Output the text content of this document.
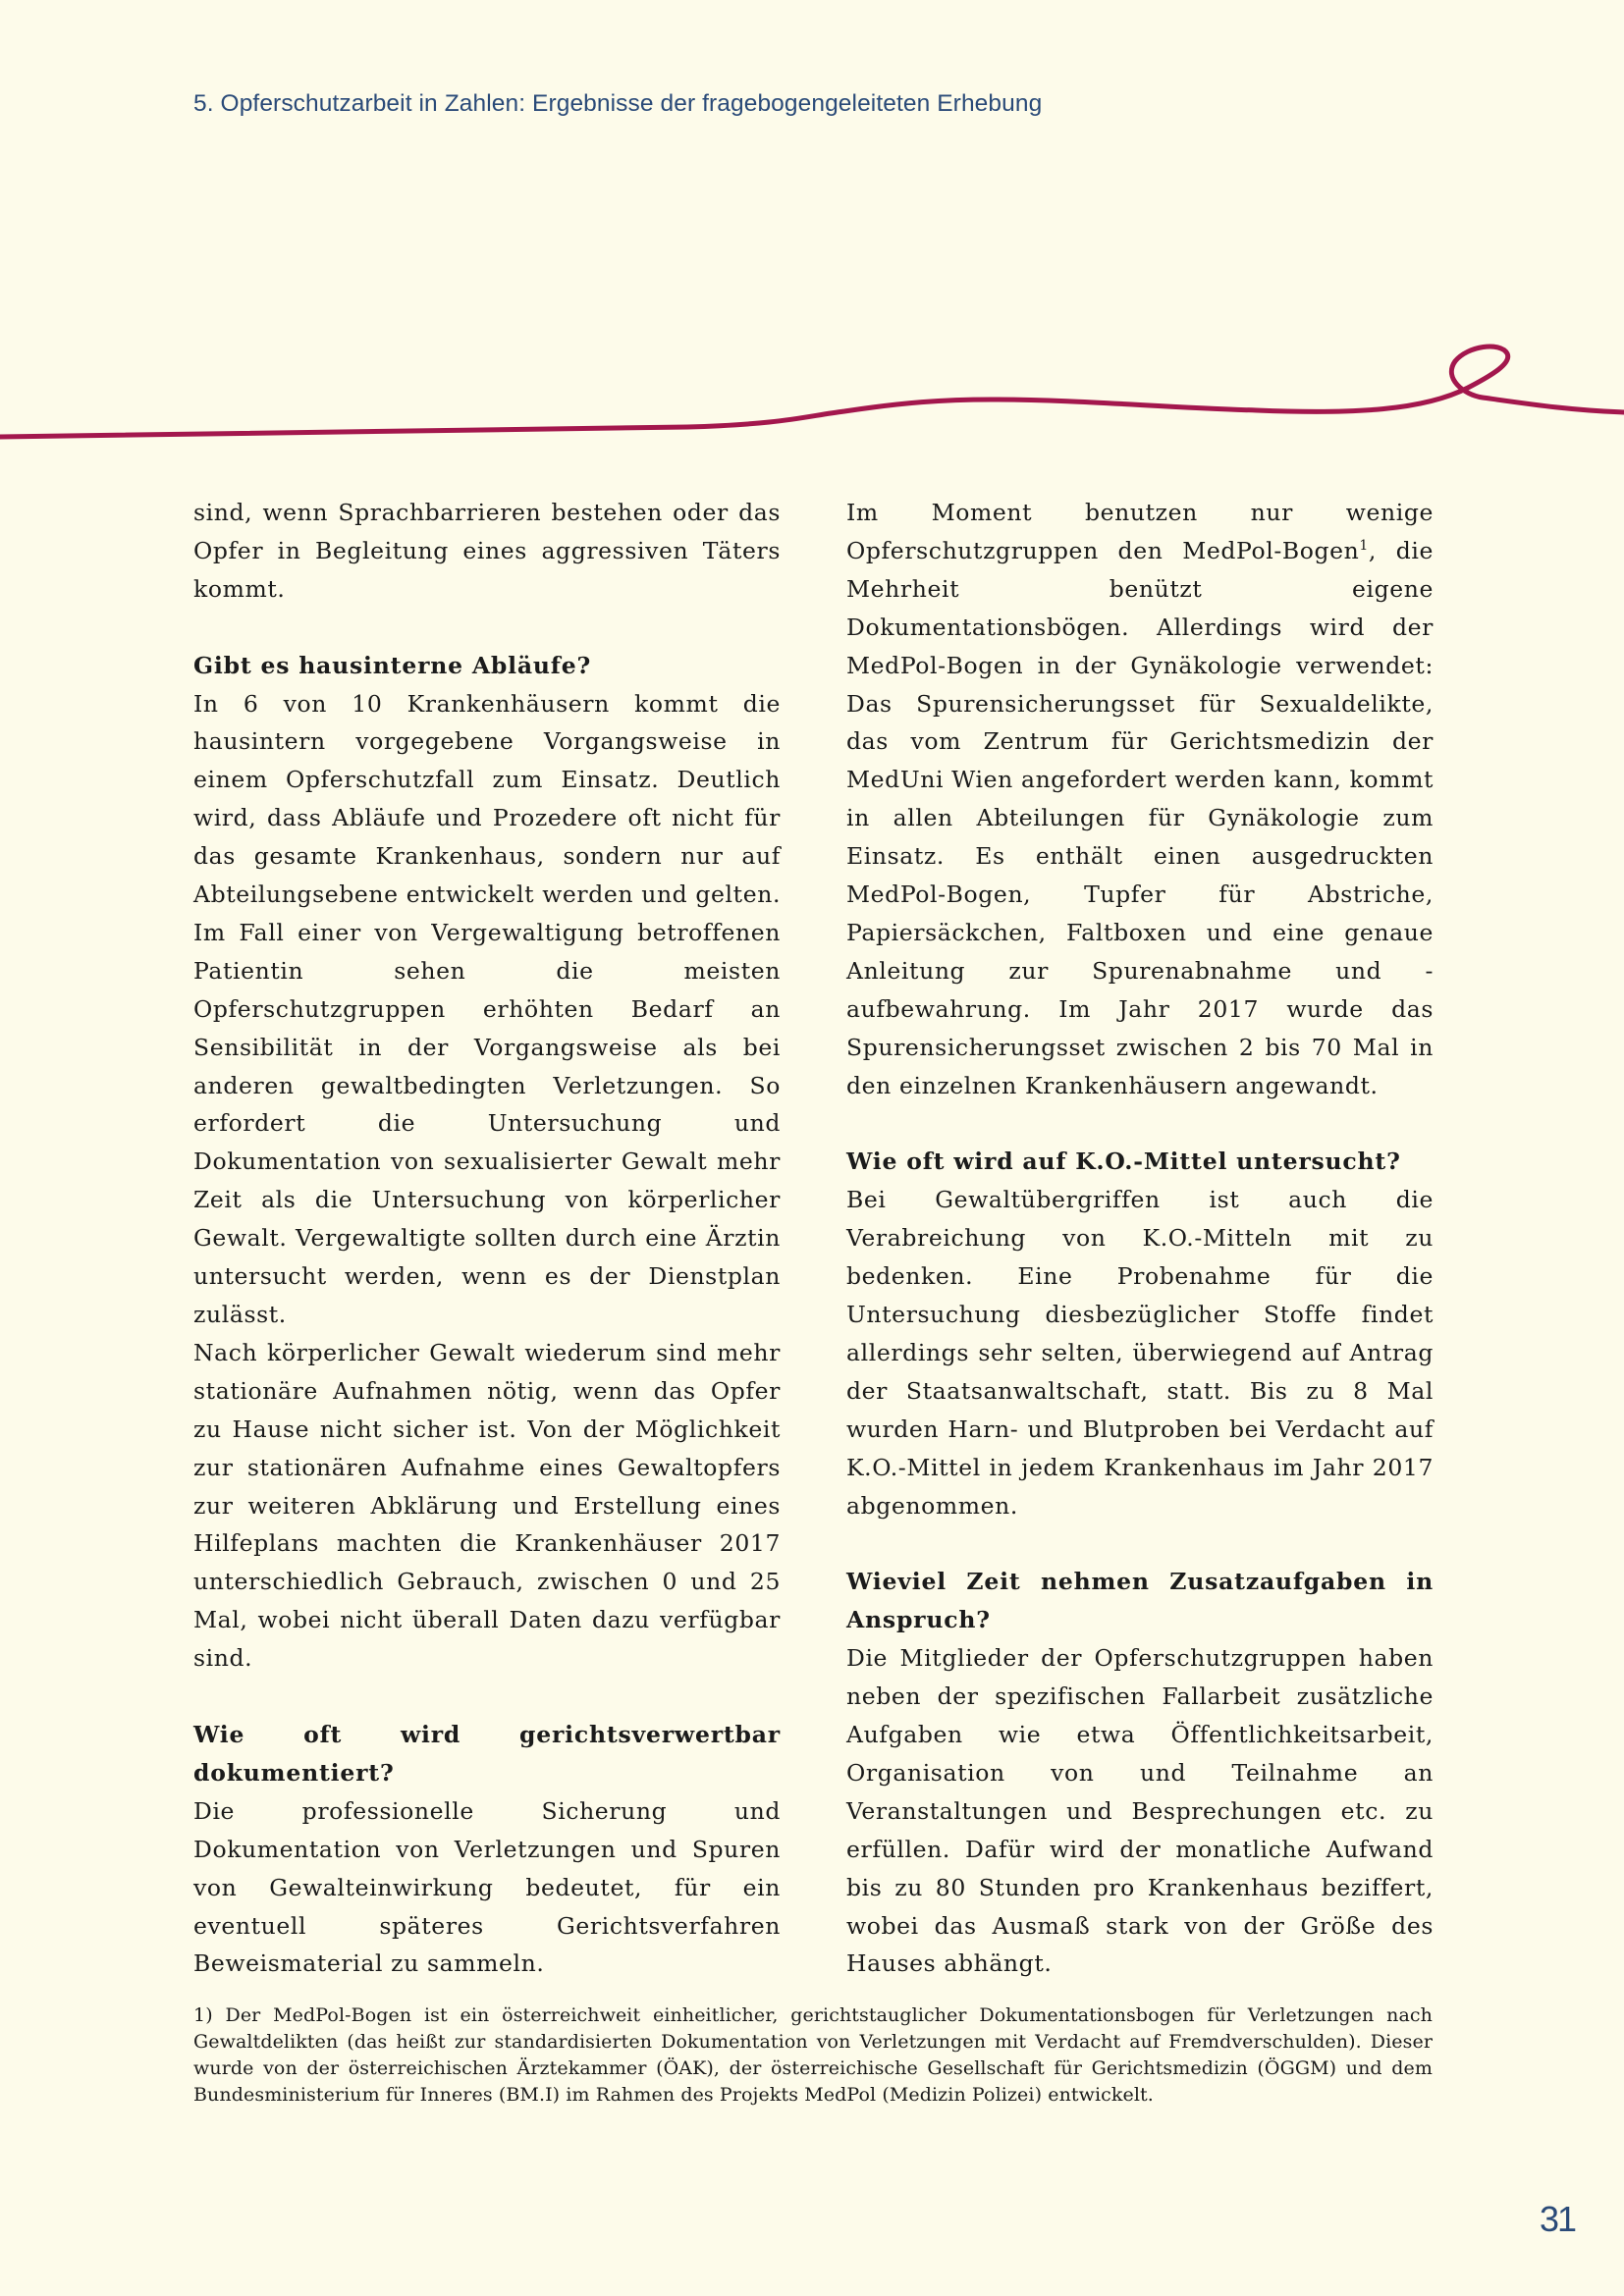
5. Opferschutzarbeit in Zahlen: Ergebnisse der fragebogengeleiteten Erhebung

sind, wenn Sprachbarrieren bestehen oder das Opfer in Begleitung eines aggressiven Täters kommt.

Gibt es hausinterne Abläufe?

In 6 von 10 Krankenhäusern kommt die hausintern vorgegebene Vorgangsweise in einem Opferschutzfall zum Einsatz. Deutlich wird, dass Abläufe und Prozedere oft nicht für das gesamte Krankenhaus, sondern nur auf Abteilungsebene entwickelt werden und gelten. Im Fall einer von Vergewaltigung betroffenen Patientin sehen die meisten Opferschutzgruppen erhöhten Bedarf an Sensibilität in der Vorgangsweise als bei anderen gewaltbedingten Verletzungen. So erfordert die Untersuchung und Dokumentation von sexualisierter Gewalt mehr Zeit als die Untersuchung von körperlicher Gewalt. Vergewaltigte sollten durch eine Ärztin untersucht werden, wenn es der Dienstplan zulässt.

Nach körperlicher Gewalt wiederum sind mehr stationäre Aufnahmen nötig, wenn das Opfer zu Hause nicht sicher ist. Von der Möglichkeit zur stationären Aufnahme eines Gewaltopfers zur weiteren Abklärung und Erstellung eines Hilfeplans machten die Krankenhäuser 2017 unterschiedlich Gebrauch, zwischen 0 und 25 Mal, wobei nicht überall Daten dazu verfügbar sind.

Wie oft wird gerichtsverwertbar dokumentiert?

Die professionelle Sicherung und Dokumentation von Verletzungen und Spuren von Gewalteinwirkung bedeutet, für ein eventuell späteres Gerichtsverfahren Beweismaterial zu sammeln.

Im Moment benutzen nur wenige Opferschutzgruppen den MedPol-Bogen$^1$, die Mehrheit benützt eigene Dokumentationsbögen. Allerdings wird der MedPol-Bogen in der Gynäkologie verwendet: Das Spurensicherungsset für Sexualdelikte, das vom Zentrum für Gerichtsmedizin der MedUni Wien angefordert werden kann, kommt in allen Abteilungen für Gynäkologie zum Einsatz. Es enthält einen ausgedruckten MedPol-Bogen, Tupfer für Abstriche, Papiersäckchen, Faltboxen und eine genaue Anleitung zur Spurenabnahme und -aufbewahrung. Im Jahr 2017 wurde das Spurensicherungsset zwischen 2 bis 70 Mal in den einzelnen Krankenhäusern angewandt.

Wie oft wird auf K.O.-Mittel untersucht?

Bei Gewaltübergriffen ist auch die Verabreichung von K.O.-Mitteln mit zu bedenken. Eine Probenahme für die Untersuchung diesbezüglicher Stoffe findet allerdings sehr selten, überwiegend auf Antrag der Staatsanwaltschaft, statt. Bis zu 8 Mal wurden Harn- und Blutproben bei Verdacht auf K.O.-Mittel in jedem Krankenhaus im Jahr 2017 abgenommen.

Wieviel Zeit nehmen Zusatzaufgaben in Anspruch?

Die Mitglieder der Opferschutzgruppen haben neben der spezifischen Fallarbeit zusätzliche Aufgaben wie etwa Öffentlichkeitsarbeit, Organisation von und Teilnahme an Veranstaltungen und Besprechungen etc. zu erfüllen. Dafür wird der monatliche Aufwand bis zu 80 Stunden pro Krankenhaus beziffert, wobei das Ausmaß stark von der Größe des Hauses abhängt.

1) Der MedPol-Bogen ist ein österreichweit einheitlicher, gerichtstauglicher Dokumentationsbogen für Verletzungen nach Gewaltdelikten (das heißt zur standardisierten Dokumentation von Verletzungen mit Verdacht auf Fremdverschulden). Dieser wurde von der österreichischen Ärztekammer (ÖAK), der österreichische Gesellschaft für Gerichtsmedizin (ÖGGM) und dem Bundesministerium für Inneres (BM.I) im Rahmen des Projekts MedPol (Medizin Polizei) entwickelt.
31
